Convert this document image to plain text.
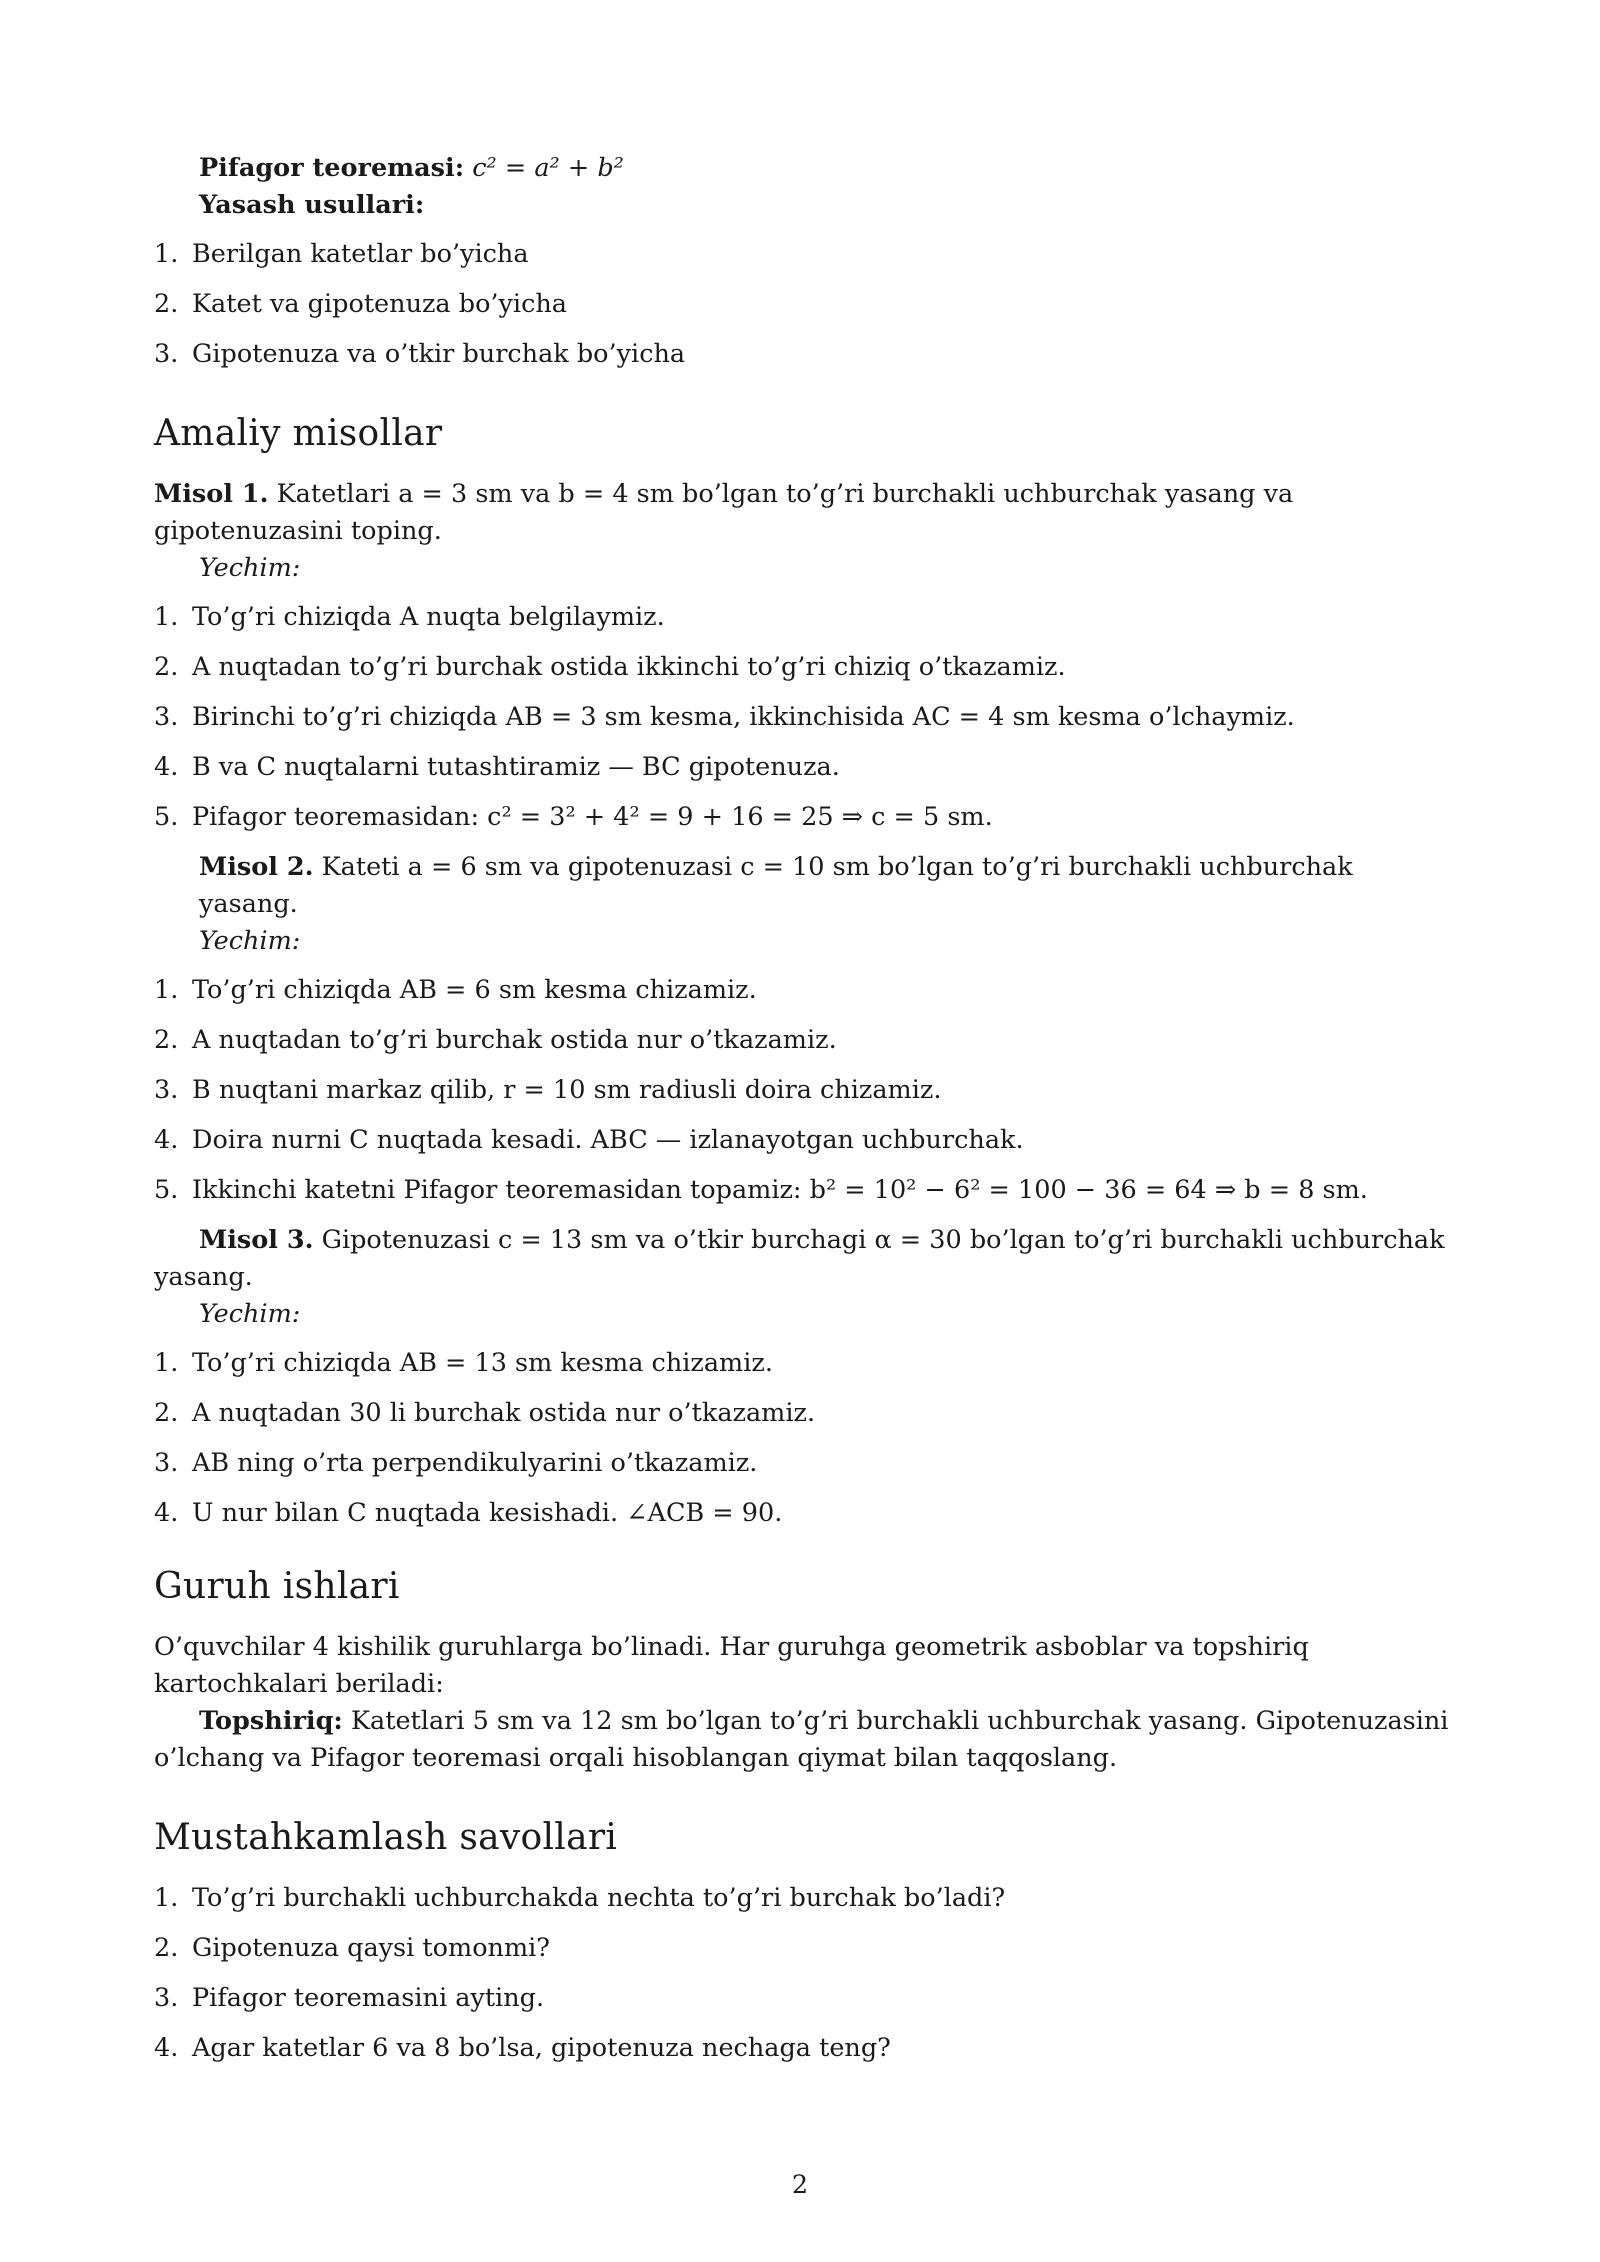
Pifagor teoremasi: c² = a² + b²
Yasash usullari:
1. Berilgan katetlar bo’yicha
2. Katet va gipotenuza bo’yicha
3. Gipotenuza va o’tkir burchak bo’yicha
Amaliy misollar

Misol 1. Katetlari a = 3 sm va b = 4 sm bo’lgan to’g’ri burchakli uchburchak yasang va gipotenuzasini toping.

Yechim:
1. To’g’ri chiziqda A nuqta belgilaymiz.
2. A nuqtadan to’g’ri burchak ostida ikkinchi to’g’ri chiziq o’tkazamiz.
3. Birinchi to’g’ri chiziqda AB = 3 sm kesma, ikkinchisida AC = 4 sm kesma o’lchaymiz.
4. B va C nuqtalarni tutashtiramiz — BC gipotenuza.
5. Pifagor teoremasidan: c² = 3² + 4² = 9 + 16 = 25 ⇒ c = 5 sm.
Misol 2. Kateti a = 6 sm va gipotenuzasi c = 10 sm bo’lgan to’g’ri burchakli uchburchak yasang.
Yechim:
1. To’g’ri chiziqda AB = 6 sm kesma chizamiz.
2. A nuqtadan to’g’ri burchak ostida nur o’tkazamiz.
3. B nuqtani markaz qilib, r = 10 sm radiusli doira chizamiz.
4. Doira nurni C nuqtada kesadi. ABC — izlanayotgan uchburchak.
5. Ikkinchi katetni Pifagor teoremasidan topamiz: b² = 10² − 6² = 100 − 36 = 64 ⇒ b = 8 sm.

Misol 3. Gipotenuzasi c = 13 sm va o’tkir burchagi α = 30 bo’lgan to’g’ri burchakli uchburchak yasang.

Yechim:
1. To’g’ri chiziqda AB = 13 sm kesma chizamiz.
2. A nuqtadan 30 li burchak ostida nur o’tkazamiz.
3. AB ning o’rta perpendikulyarini o’tkazamiz.
4. U nur bilan C nuqtada kesishadi. ∠ACB = 90.
Guruh ishlari

O’quvchilar 4 kishilik guruhlarga bo’linadi. Har guruhga geometrik asboblar va topshiriq kartochkalari beriladi:

Topshiriq: Katetlari 5 sm va 12 sm bo’lgan to’g’ri burchakli uchburchak yasang. Gipotenuzasini o’lchang va Pifagor teoremasi orqali hisoblangan qiymat bilan taqqoslang.

Mustahkamlash savollari
1. To’g’ri burchakli uchburchakda nechta to’g’ri burchak bo’ladi?
2. Gipotenuza qaysi tomonmi?
3. Pifagor teoremasini ayting.
4. Agar katetlar 6 va 8 bo’lsa, gipotenuza nechaga teng?
2
